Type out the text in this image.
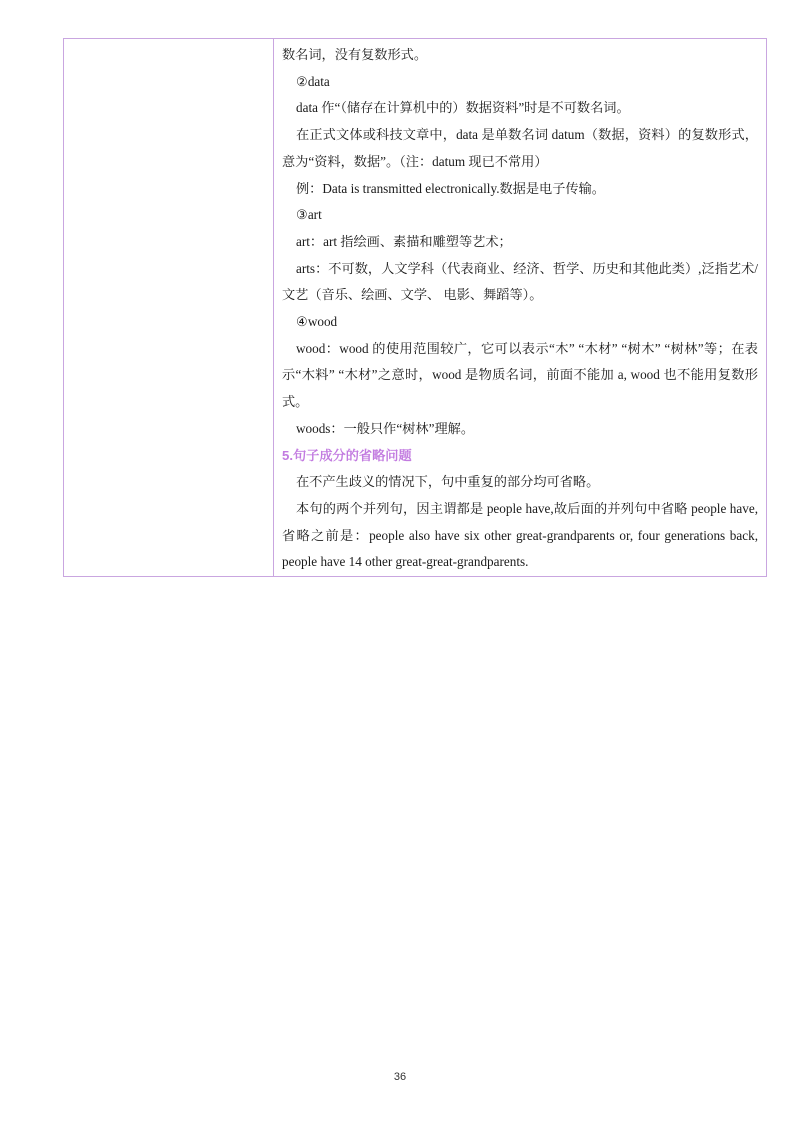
数名词，没有复数形式。

②data

data 作“（储存在计算机中的）数据资料”时是不可数名词。

在正式文体或科技文章中，data 是单数名词 datum（数据，资料）的复数形式，意为“资料，数据”。（注：datum 现已不常用）

例：Data is transmitted electronically.数据是电子传输。

③art

art：art 指绘画、素描和雕塑等艺术；

arts：不可数，人文学科（代表商业、经济、哲学、历史和其他此类）,泛指艺术/文艺（音乐、绘画、文学、 电影、舞蹈等）。

④wood

wood：wood 的使用范围较广，它可以表示“木” “木材” “树木” “树林”等；在表示“木料” “木材”之意时，wood 是物质名词，前面不能加 a, wood 也不能用复数形式。

woods：一般只作“树林”理解。

5.句子成分的省略问题

在不产生歧义的情况下，句中重复的部分均可省略。

本句的两个并列句，因主谓都是 people have,故后面的并列句中省略 people have,省略之前是：people also have six other great-grandparents or, four generations back, people have 14 other great-great-grandparents.

36
